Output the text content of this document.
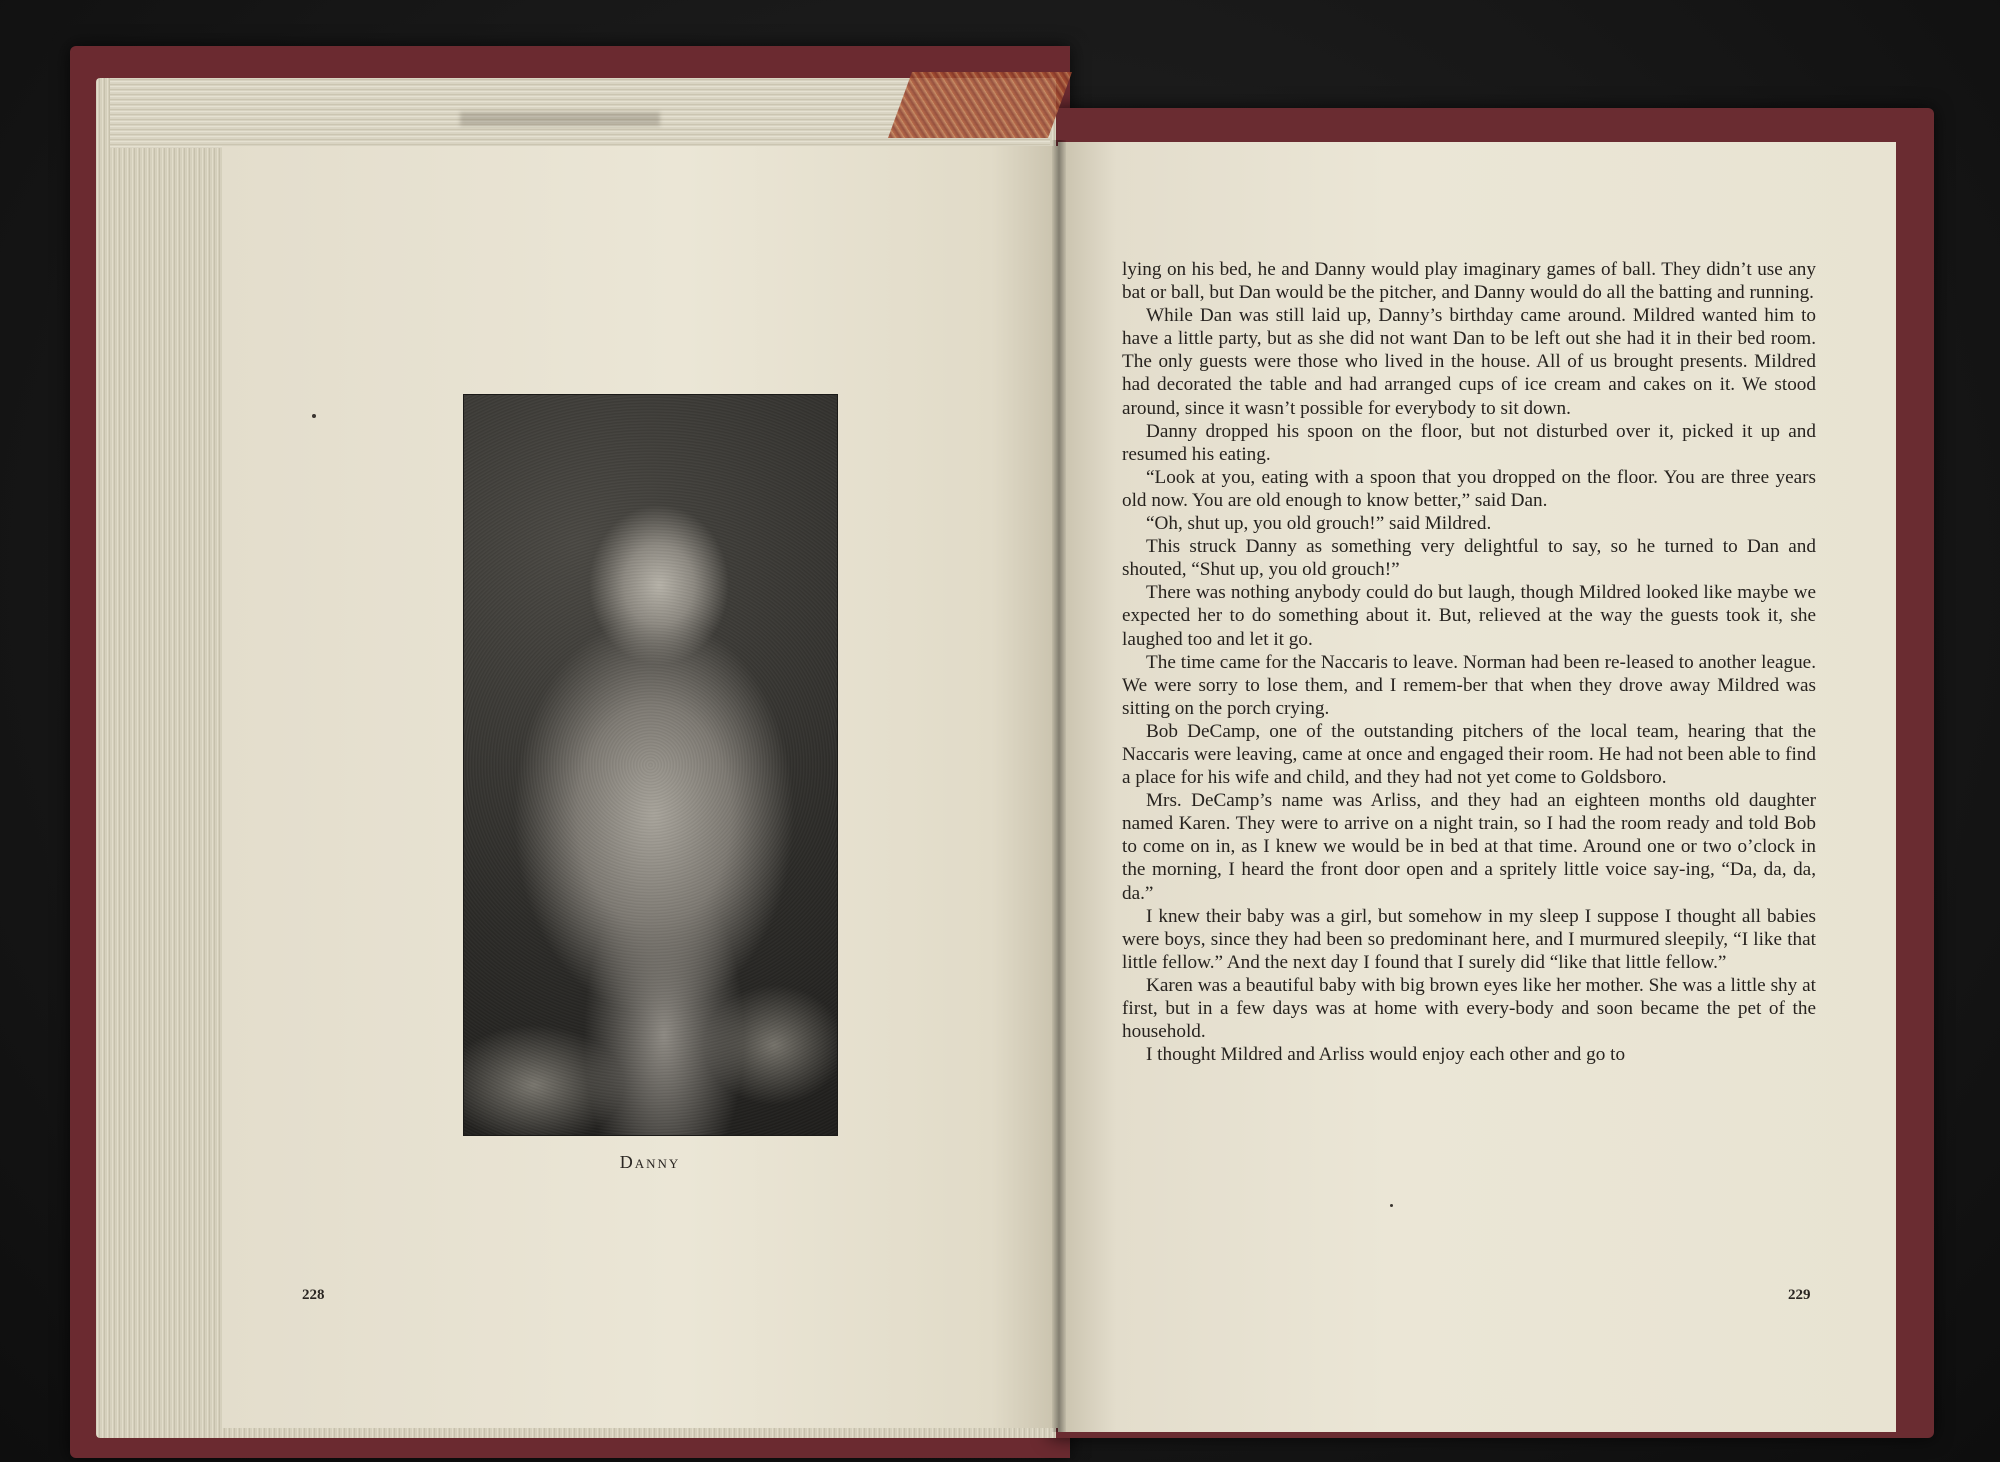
Danny
228

lying on his bed, he and Danny would play imaginary games of ball. They didn’t use any bat or ball, but Dan would be the pitcher, and Danny would do all the batting and running.

While Dan was still laid up, Danny’s birthday came around. Mildred wanted him to have a little party, but as she did not want Dan to be left out she had it in their bed room. The only guests were those who lived in the house. All of us brought presents. Mildred had decorated the table and had arranged cups of ice cream and cakes on it. We stood around, since it wasn’t possible for everybody to sit down.

Danny dropped his spoon on the floor, but not disturbed over it, picked it up and resumed his eating.

“Look at you, eating with a spoon that you dropped on the floor. You are three years old now. You are old enough to know better,” said Dan.

“Oh, shut up, you old grouch!” said Mildred.

This struck Danny as something very delightful to say, so he turned to Dan and shouted, “Shut up, you old grouch!”

There was nothing anybody could do but laugh, though Mildred looked like maybe we expected her to do something about it. But, relieved at the way the guests took it, she laughed too and let it go.

The time came for the Naccaris to leave. Norman had been re-leased to another league. We were sorry to lose them, and I remem-ber that when they drove away Mildred was sitting on the porch crying.

Bob DeCamp, one of the outstanding pitchers of the local team, hearing that the Naccaris were leaving, came at once and engaged their room. He had not been able to find a place for his wife and child, and they had not yet come to Goldsboro.

Mrs. DeCamp’s name was Arliss, and they had an eighteen months old daughter named Karen. They were to arrive on a night train, so I had the room ready and told Bob to come on in, as I knew we would be in bed at that time. Around one or two o’clock in the morning, I heard the front door open and a spritely little voice say-ing, “Da, da, da, da.”

I knew their baby was a girl, but somehow in my sleep I suppose I thought all babies were boys, since they had been so predominant here, and I murmured sleepily, “I like that little fellow.” And the next day I found that I surely did “like that little fellow.”

Karen was a beautiful baby with big brown eyes like her mother. She was a little shy at first, but in a few days was at home with every-body and soon became the pet of the household.

I thought Mildred and Arliss would enjoy each other and go to

229
